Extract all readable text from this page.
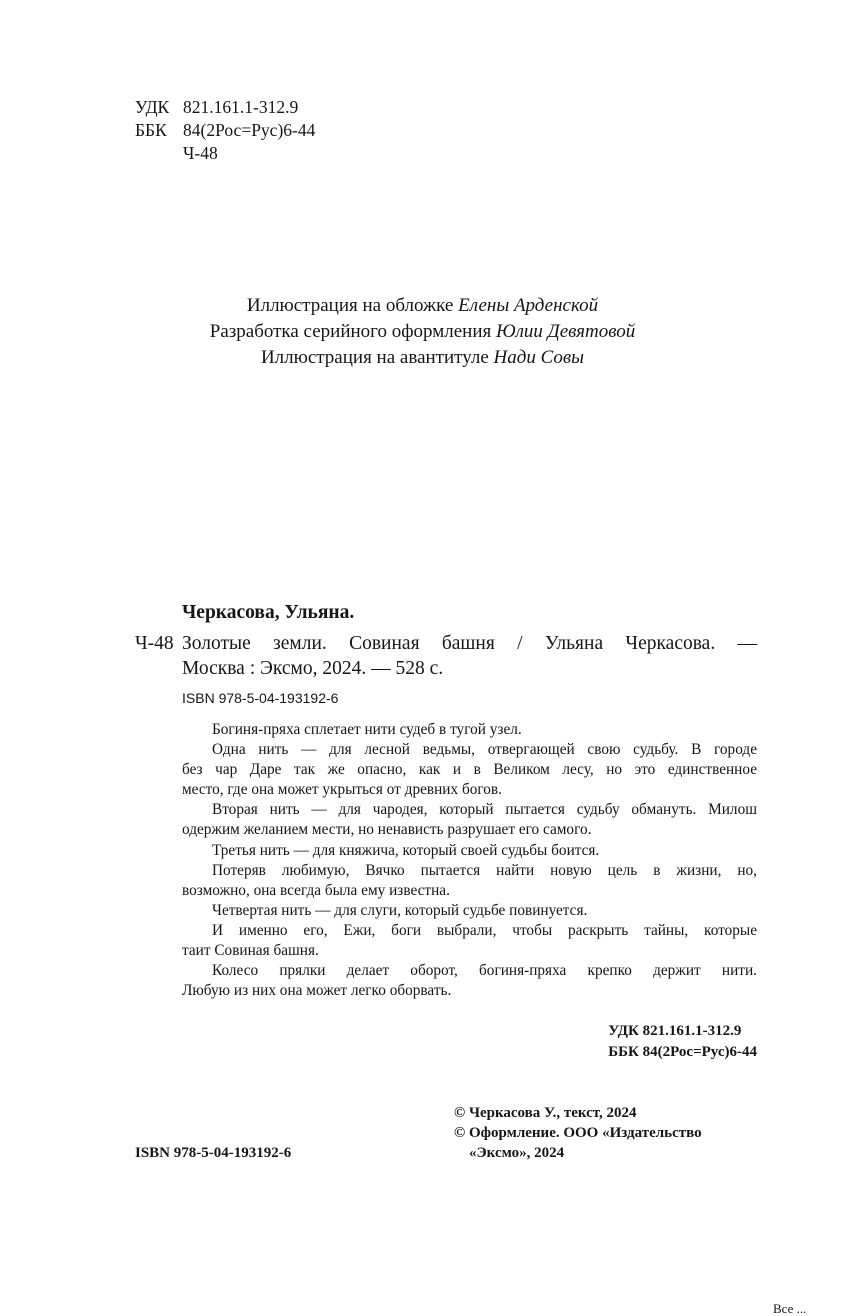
УДК 821.161.1-312.9
ББК 84(2Рос=Рус)6-44
Ч-48
Иллюстрация на обложке Елены Арденской
Разработка серийного оформления Юлии Девятовой
Иллюстрация на авантитуле Нади Совы
Черкасова, Ульяна.
Ч-48 Золотые земли. Совиная башня / Ульяна Черкасова. —
Москва : Эксмо, 2024. — 528 с.
ISBN 978-5-04-193192-6
Богиня-пряха сплетает нити судеб в тугой узел.
Одна нить — для лесной ведьмы, отвергающей свою судьбу. В городе
без чар Даре так же опасно, как и в Великом лесу, но это единственное
место, где она может укрыться от древних богов.
Вторая нить — для чародея, который пытается судьбу обмануть. Милош
одержим желанием мести, но ненависть разрушает его самого.
Третья нить — для княжича, который своей судьбы боится.
Потеряв любимую, Вячко пытается найти новую цель в жизни, но,
возможно, она всегда была ему известна.
Четвертая нить — для слуги, который судьбе повинуется.
И именно его, Ежи, боги выбрали, чтобы раскрыть тайны, которые
таит Совиная башня.
Колесо прялки делает оборот, богиня-пряха крепко держит нити.
Любую из них она может легко оборвать.
УДК 821.161.1-312.9
ББК 84(2Рос=Рус)6-44
ISBN 978-5-04-193192-6
© Черкасова У., текст, 2024
© Оформление. ООО «Издательство
«Эксмо», 2024
Все ...
